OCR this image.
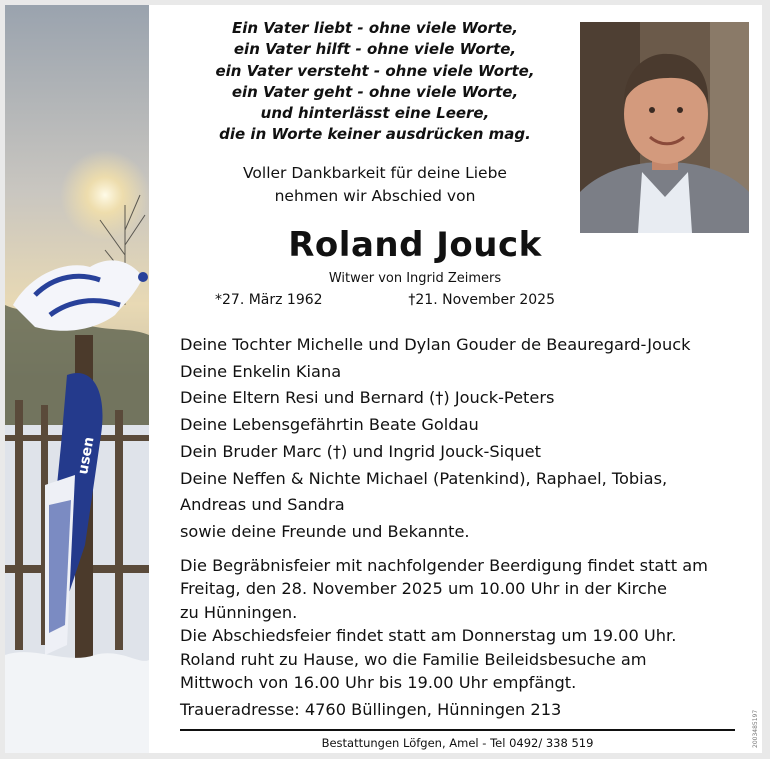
usen
Ein Vater liebt - ohne viele Worte,
ein Vater hilft - ohne viele Worte,
ein Vater versteht - ohne viele Worte,
ein Vater geht - ohne viele Worte,
und hinterlässt eine Leere,
die in Worte keiner ausdrücken mag.
Voller Dankbarkeit für deine Liebe
nehmen wir Abschied von
Roland Jouck
Witwer von Ingrid Zeimers
*27. März 1962	†21. November 2025
Deine Tochter Michelle und Dylan Gouder de Beauregard-Jouck
Deine Enkelin Kiana
Deine Eltern Resi und Bernard (†) Jouck-Peters
Deine Lebensgefährtin Beate Goldau
Dein Bruder Marc (†) und Ingrid Jouck-Siquet
Deine Neffen & Nichte Michael (Patenkind), Raphael, Tobias,
Andreas und Sandra
sowie deine Freunde und Bekannte.
Die Begräbnisfeier mit nachfolgender Beerdigung findet statt am
Freitag, den 28. November 2025 um 10.00 Uhr in der Kirche
zu Hünningen.
Die Abschiedsfeier findet statt am Donnerstag um 19.00 Uhr.
Roland ruht zu Hause, wo die Familie Beileidsbesuche am
Mittwoch von 16.00 Uhr bis 19.00 Uhr empfängt.
Traueradresse: 4760 Büllingen, Hünningen 213
Bestattungen Löfgen, Amel - Tel 0492/ 338 519	2003485197
